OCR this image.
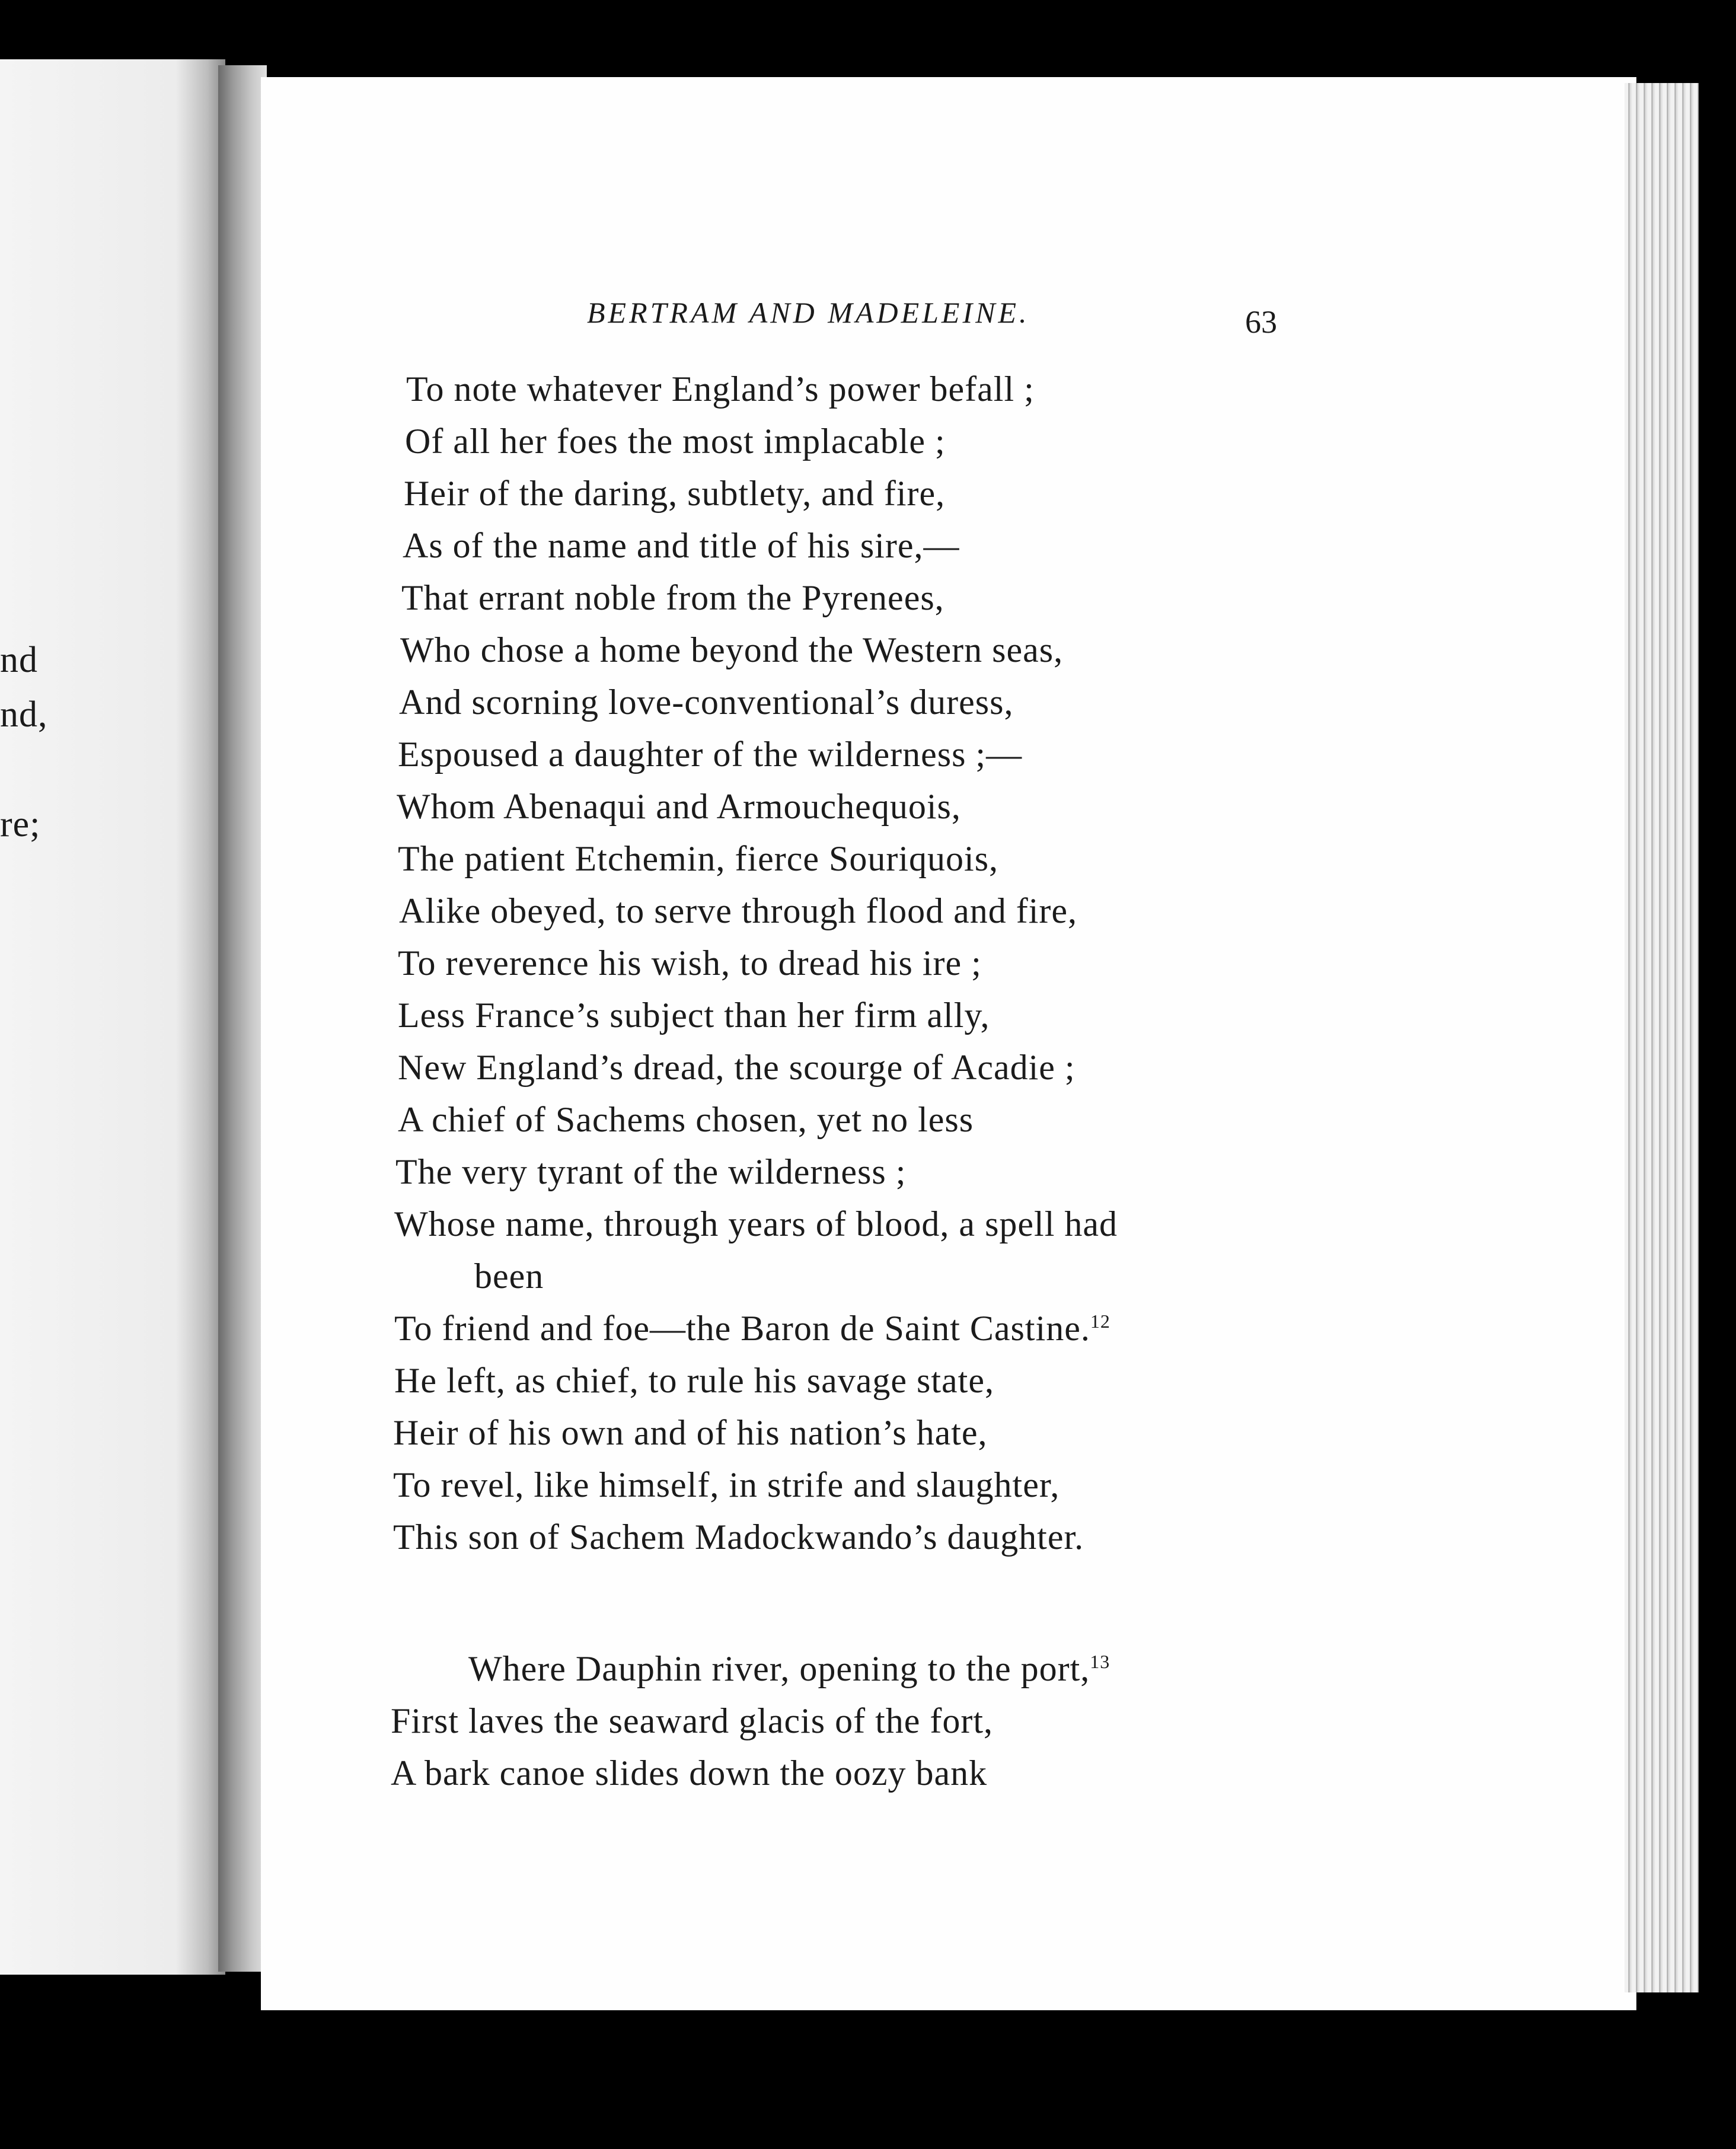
nd
nd,
re;
BERTRAM AND MADELEINE.	63
To note whatever England’s power befall ;
Of all her foes the most implacable ;
Heir of the daring, subtlety, and fire,
As of the name and title of his sire,—
That errant noble from the Pyrenees,
Who chose a home beyond the Western seas,
And scorning love-conventional’s duress,
Espoused a daughter of the wilderness ;—
Whom Abenaqui and Armouchequois,
The patient Etchemin, fierce Souriquois,
Alike obeyed, to serve through flood and fire,
To reverence his wish, to dread his ire ;
Less France’s subject than her firm ally,
New England’s dread, the scourge of Acadie ;
A chief of Sachems chosen, yet no less
The very tyrant of the wilderness ;
Whose name, through years of blood, a spell had
been
To friend and foe—the Baron de Saint Castine.$^{12}$
He left, as chief, to rule his savage state,
Heir of his own and of his nation’s hate,
To revel, like himself, in strife and slaughter,
This son of Sachem Madockwando’s daughter.
Where Dauphin river, opening to the port,$^{13}$
First laves the seaward glacis of the fort,
A bark canoe slides down the oozy bank
